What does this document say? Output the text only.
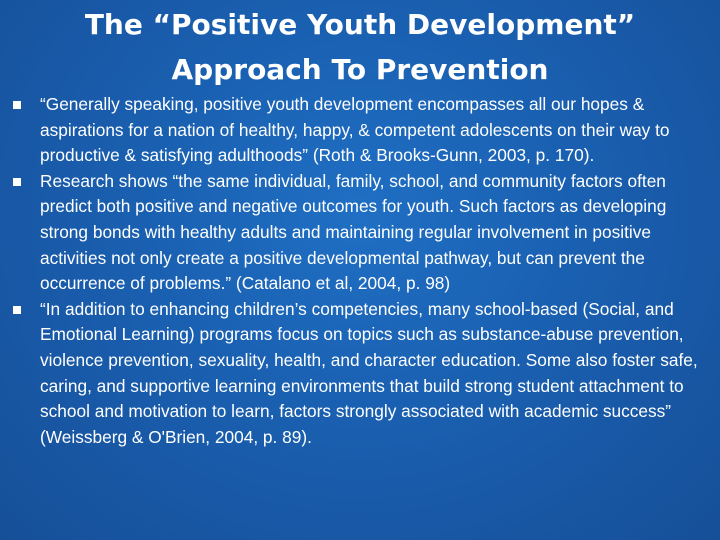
The “Positive Youth Development”
Approach To Prevention
“Generally speaking, positive youth development encompasses all our hopes & aspirations for a nation of healthy, happy, & competent adolescents on their way to productive & satisfying adulthoods” (Roth & Brooks-Gunn, 2003, p. 170).
Research shows “the same individual, family, school, and community factors often predict both positive and negative outcomes for youth. Such factors as developing strong bonds with healthy adults and maintaining regular involvement in positive activities not only create a positive developmental pathway, but can prevent the occurrence of problems.” (Catalano et al, 2004, p. 98)
“In addition to enhancing children’s competencies, many school-based (Social, and Emotional Learning) programs focus on topics such as substance-abuse prevention, violence prevention, sexuality, health, and character education. Some also foster safe, caring, and supportive learning environments that build strong student attachment to school and motivation to learn, factors strongly associated with academic success” (Weissberg & O'Brien, 2004, p. 89).
